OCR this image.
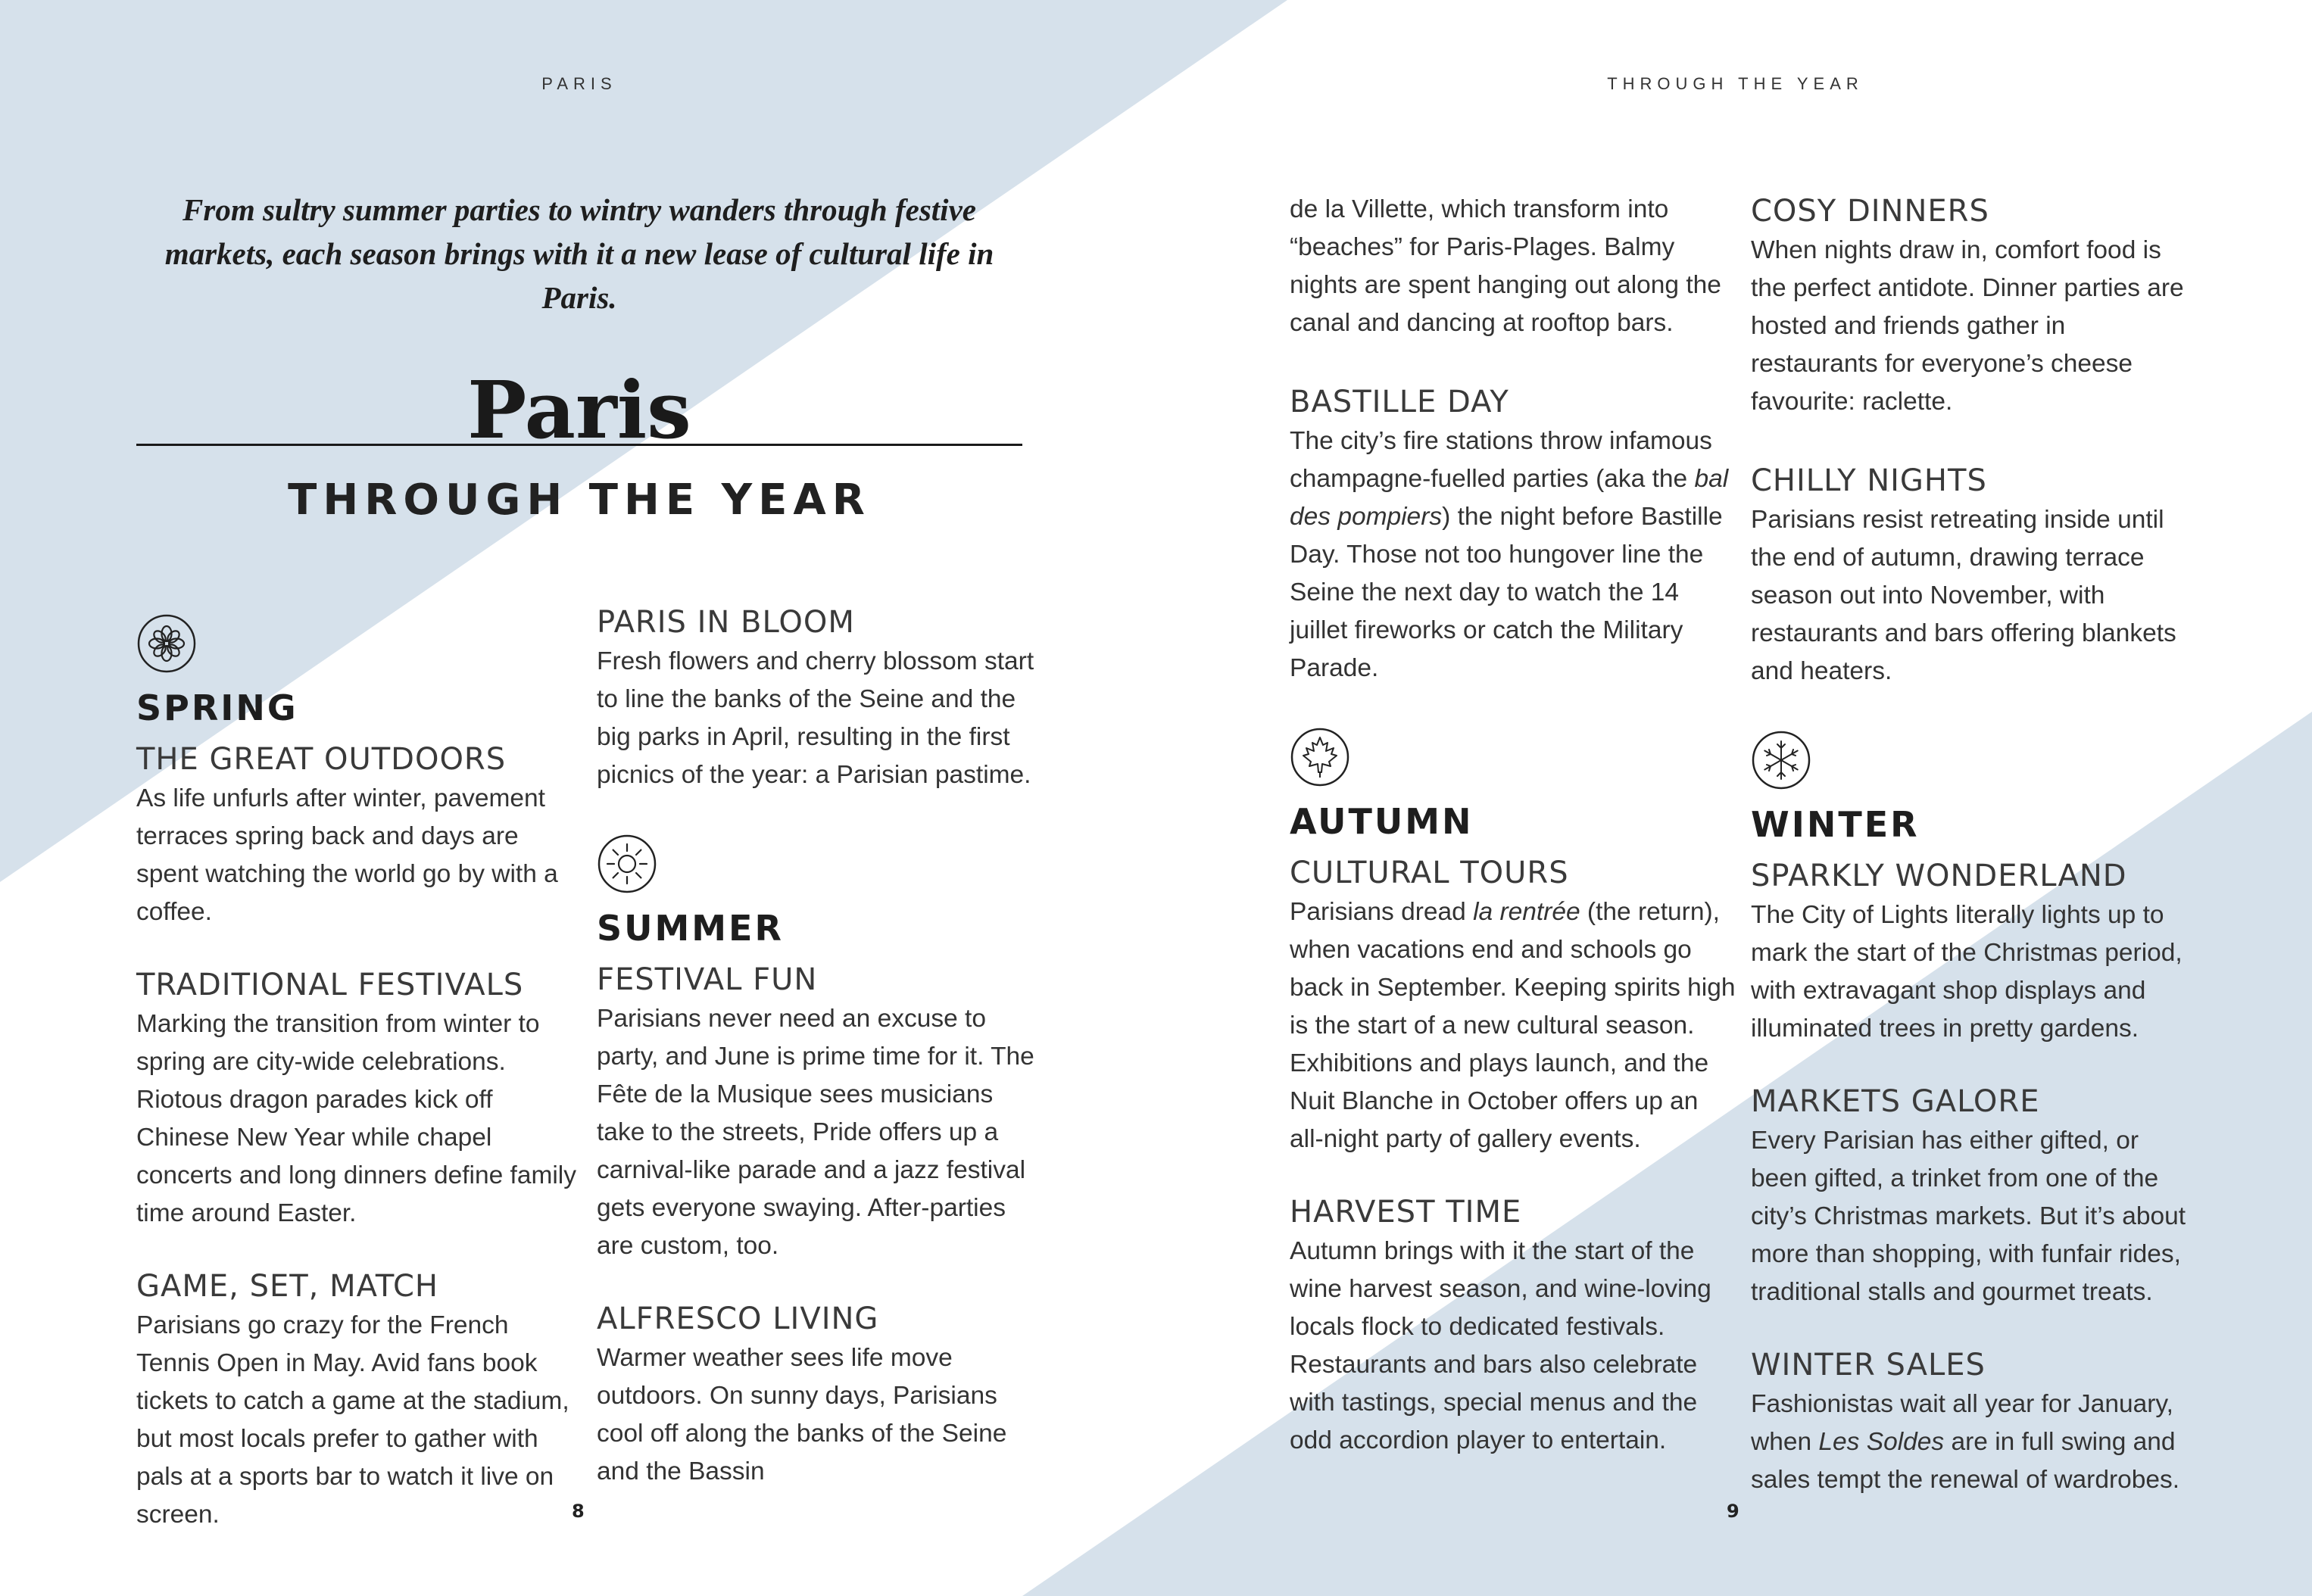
PARIS	THROUGH THE YEAR
From sultry summer parties to wintry wanders through festive markets, each season brings with it a new lease of cultural life in Paris.
Paris
THROUGH THE YEAR
SPRING
THE GREAT OUTDOORS
As life unfurls after winter, pavement terraces spring back and days are spent watching the world go by with a coffee.
TRADITIONAL FESTIVALS
Marking the transition from winter to spring are city-wide celebrations. Riotous dragon parades kick off Chinese New Year while chapel concerts and long dinners define family time around Easter.
GAME, SET, MATCH
Parisians go crazy for the French Tennis Open in May. Avid fans book tickets to catch a game at the stadium, but most locals prefer to gather with pals at a sports bar to watch it live on screen.
PARIS IN BLOOM
Fresh flowers and cherry blossom start to line the banks of the Seine and the big parks in April, resulting in the first picnics of the year: a Parisian pastime.
SUMMER
FESTIVAL FUN
Parisians never need an excuse to party, and June is prime time for it. The Fête de la Musique sees musicians take to the streets, Pride offers up a carnival-like parade and a jazz festival gets everyone swaying. After-parties are custom, too.
ALFRESCO LIVING
Warmer weather sees life move outdoors. On sunny days, Parisians cool off along the banks of the Seine and the Bassin
de la Villette, which transform into “beaches” for Paris-Plages. Balmy nights are spent hanging out along the canal and dancing at rooftop bars.
BASTILLE DAY
The city’s fire stations throw infamous champagne-fuelled parties (aka the bal des pompiers) the night before Bastille Day. Those not too hungover line the Seine the next day to watch the 14 juillet fireworks or catch the Military Parade.
AUTUMN
CULTURAL TOURS
Parisians dread la rentrée (the return), when vacations end and schools go back in September. Keeping spirits high is the start of a new cultural season. Exhibitions and plays launch, and the Nuit Blanche in October offers up an all-night party of gallery events.
HARVEST TIME
Autumn brings with it the start of the wine harvest season, and wine-loving locals flock to dedicated festivals. Restaurants and bars also celebrate with tastings, special menus and the odd accordion player to entertain.
COSY DINNERS
When nights draw in, comfort food is the perfect antidote. Dinner parties are hosted and friends gather in restaurants for everyone’s cheese favourite: raclette.
CHILLY NIGHTS
Parisians resist retreating inside until the end of autumn, drawing terrace season out into November, with restaurants and bars offering blankets and heaters.
WINTER
SPARKLY WONDERLAND
The City of Lights literally lights up to mark the start of the Christmas period, with extravagant shop displays and illuminated trees in pretty gardens.
MARKETS GALORE
Every Parisian has either gifted, or been gifted, a trinket from one of the city’s Christmas markets. But it’s about more than shopping, with funfair rides, traditional stalls and gourmet treats.
WINTER SALES
Fashionistas wait all year for January, when Les Soldes are in full swing and sales tempt the renewal of wardrobes.
8	9
